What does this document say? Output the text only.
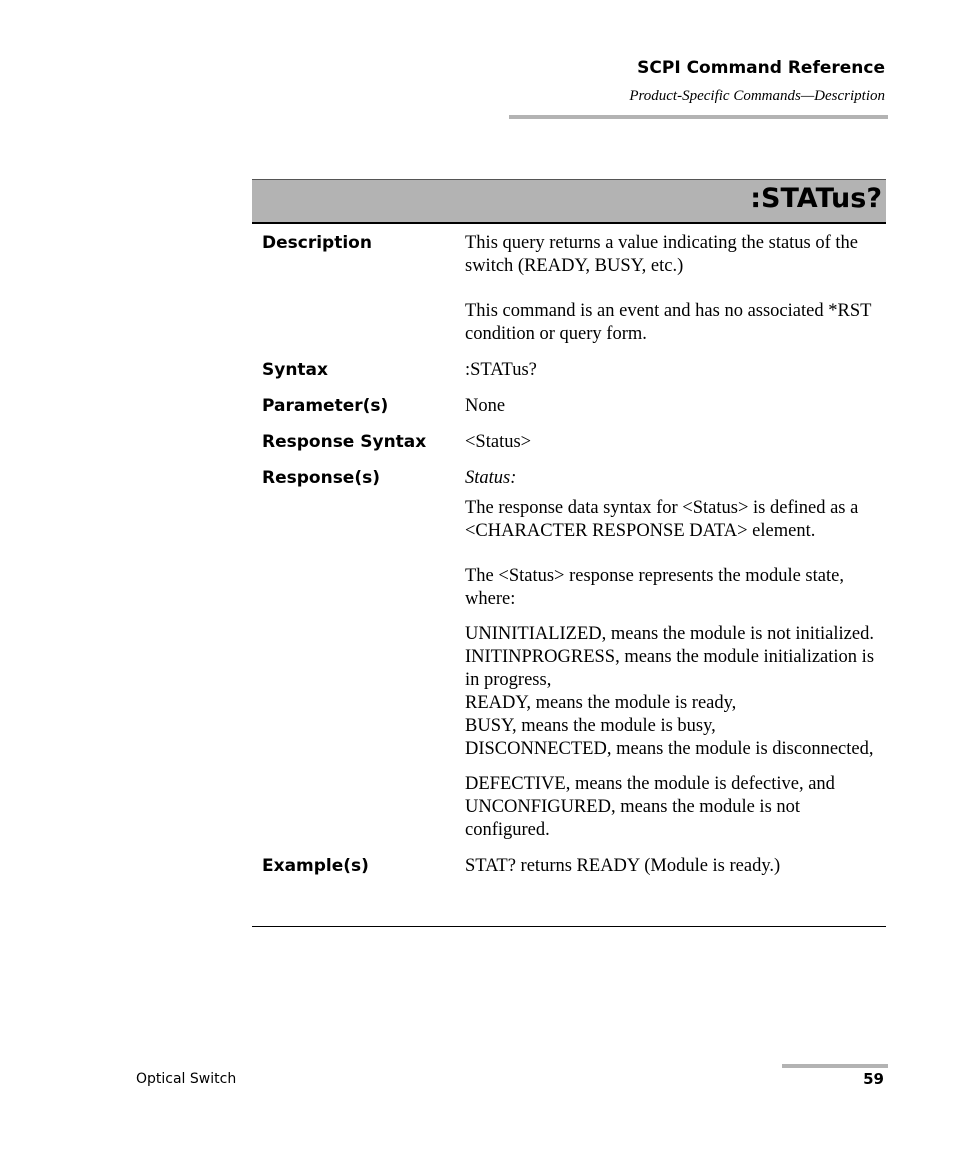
SCPI Command Reference
Product-Specific Commands—Description
:STATus?
Description	This query returns a value indicating the status of the switch (READY, BUSY, etc.)

This command is an event and has no associated *RST condition or query form.

Syntax	:STATus?
Parameter(s)	None
Response Syntax	<Status>
Response(s)	Status:

The response data syntax for <Status> is defined as a <CHARACTER RESPONSE DATA> element.

The <Status> response represents the module state, where:

UNINITIALIZED, means the module is not initialized.
INITINPROGRESS, means the module initialization is in progress,
READY, means the module is ready,
BUSY, means the module is busy,
DISCONNECTED, means the module is disconnected,

DEFECTIVE, means the module is defective, and UNCONFIGURED, means the module is not configured.

Example(s)	STAT? returns READY (Module is ready.)
Optical Switch	59
